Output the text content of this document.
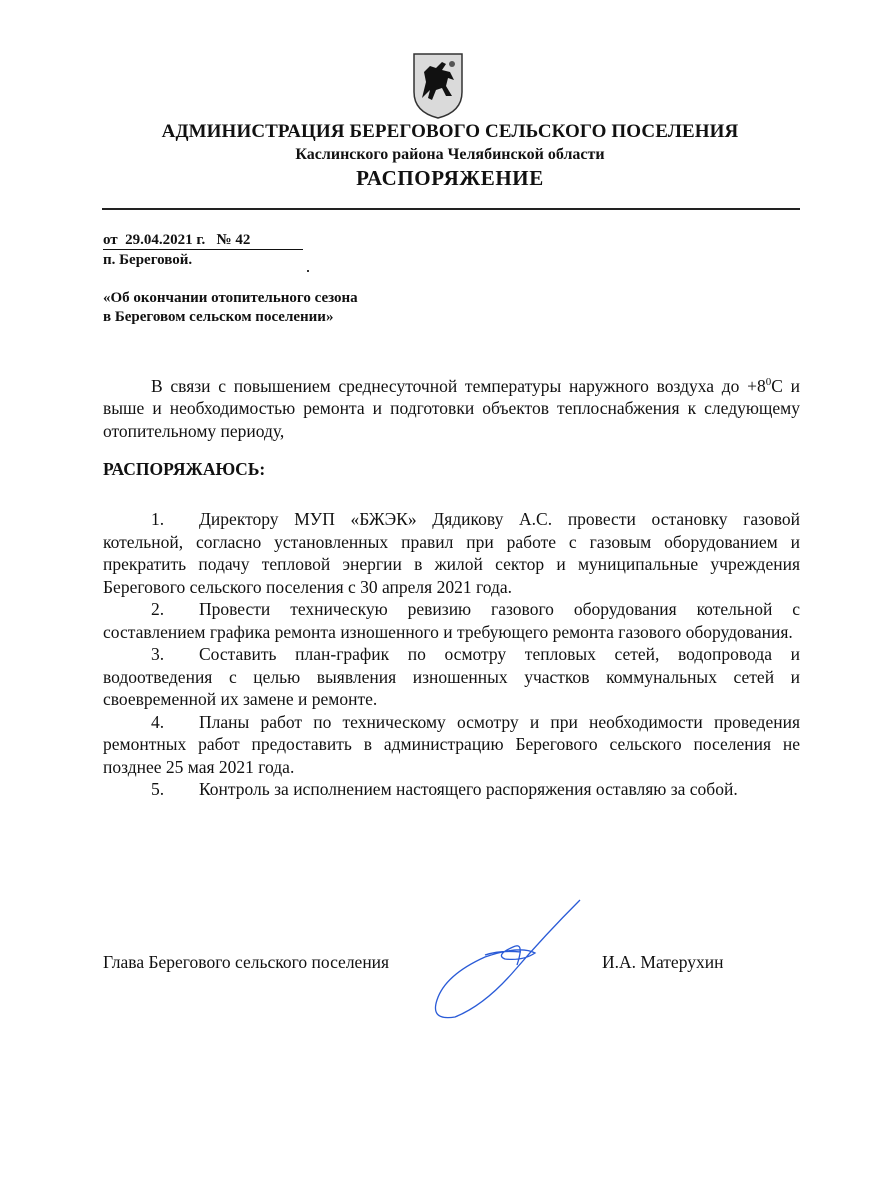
АДМИНИСТРАЦИЯ БЕРЕГОВОГО СЕЛЬСКОГО ПОСЕЛЕНИЯ
Каслинского района Челябинской области
РАСПОРЯЖЕНИЕ
от  29.04.2021 г.   № 42
п. Береговой.
«Об окончании отопительного сезона
в Береговом сельском поселении»
В связи с повышением среднесуточной температуры наружного воздуха до $+8^0С$ и выше и необходимостью ремонта и подготовки объектов теплоснабжения к следующему отопительному периоду,
РАСПОРЯЖАЮСЬ:
1. Директору МУП «БЖЭК» Дядикову А.С. провести остановку газовой котельной, согласно установленных правил при работе с газовым оборудованием и прекратить подачу тепловой энергии в жилой сектор и муниципальные учреждения Берегового сельского поселения с 30 апреля 2021 года.
2. Провести техническую ревизию газового оборудования котельной с составлением графика ремонта изношенного и требующего ремонта газового оборудования.
3. Составить план-график по осмотру тепловых сетей, водопровода и водоотведения с целью выявления изношенных участков коммунальных сетей и своевременной их замене и ремонте.
4. Планы работ по техническому осмотру и при необходимости проведения ремонтных работ предоставить в администрацию Берегового сельского поселения не позднее 25 мая 2021 года.
5. Контроль за исполнением настоящего распоряжения оставляю за собой.
Глава Берегового сельского поселения	И.А. Матерухин
